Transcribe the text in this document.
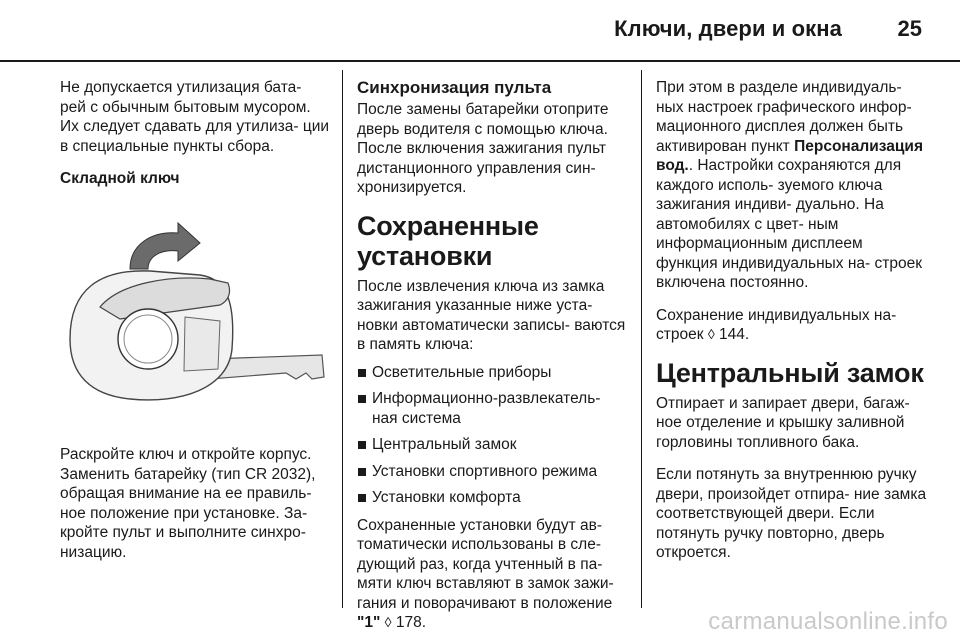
Ключи, двери и окна	25

Не допускается утилизация бата- рей с обычным бытовым мусором. Их следует сдавать для утилиза- ции в специальные пункты сбора.

Складной ключ

Раскройте ключ и откройте корпус. Заменить батарейку (тип CR 2032), обращая внимание на ее правиль- ное положение при установке. За- кройте пульт и выполните синхро- низацию.

Синхронизация пульта

После замены батарейки отоприте дверь водителя с помощью ключа. После включения зажигания пульт дистанционного управления син- хронизируется.

Сохраненные установки

После извлечения ключа из замка зажигания указанные ниже уста- новки автоматически записы- ваются в память ключа:

Осветительные приборы
Информационно-развлекатель- ная система
Центральный замок
Установки спортивного режима
Установки комфорта

Сохраненные установки будут ав- томатически использованы в сле- дующий раз, когда учтенный в па- мяти ключ вставляют в замок зажи- гания и поворачивают в положение "1" ◊ 178.

При этом в разделе индивидуаль- ных настроек графического инфор- мационного дисплея должен быть активирован пункт Персонализация вод.. Настройки сохраняются для каждого исполь- зуемого ключа зажигания индиви- дуально. На автомобилях с цвет- ным информационным дисплеем функция индивидуальных на- строек включена постоянно.

Сохранение индивидуальных на- строек ◊ 144.

Центральный замок

Отпирает и запирает двери, багаж- ное отделение и крышку заливной горловины топливного бака.

Если потянуть за внутреннюю ручку двери, произойдет отпира- ние замка соответствующей двери. Если потянуть ручку повторно, дверь откроется.

carmanualsonline.info
